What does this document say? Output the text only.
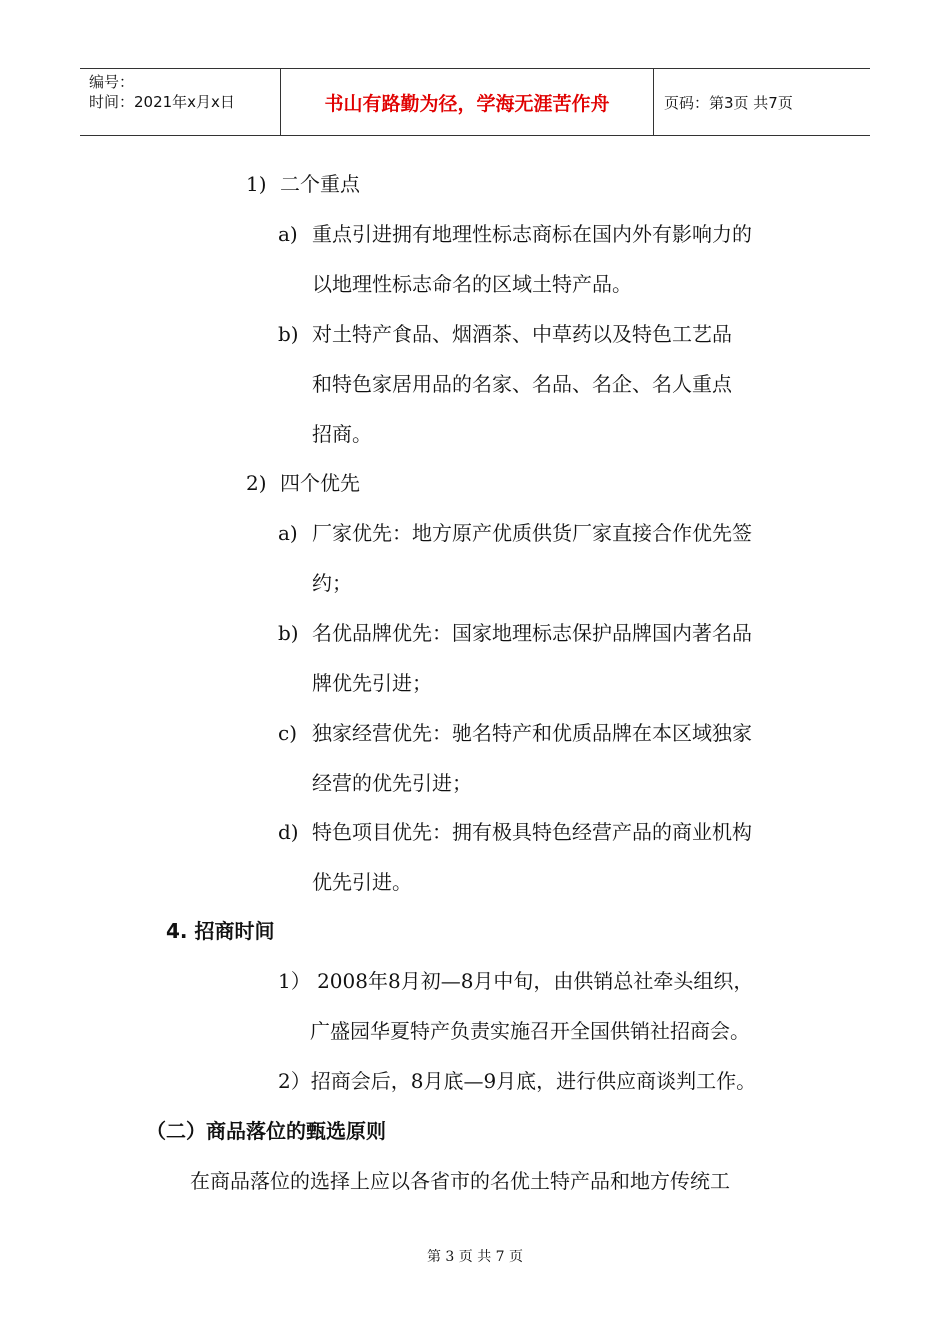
编号：
时间：2021年x月x日	书山有路勤为径，学海无涯苦作舟	页码：第3页 共7页
1) 二个重点
a) 重点引进拥有地理性标志商标在国内外有影响力的
以地理性标志命名的区域土特产品。
b) 对土特产食品、烟酒茶、中草药以及特色工艺品
和特色家居用品的名家、名品、名企、名人重点
招商。
2) 四个优先
a) 厂家优先：地方原产优质供货厂家直接合作优先签
约；
b) 名优品牌优先：国家地理标志保护品牌国内著名品
牌优先引进；
c) 独家经营优先：驰名特产和优质品牌在本区域独家
经营的优先引进；
d) 特色项目优先：拥有极具特色经营产品的商业机构
优先引进。
4. 招商时间
1） 2008年8月初—8月中旬，由供销总社牵头组织，
广盛园华夏特产负责实施召开全国供销社招商会。
2）招商会后，8月底—9月底，进行供应商谈判工作。
（二）商品落位的甄选原则
在商品落位的选择上应以各省市的名优土特产品和地方传统工
第 3 页 共 7 页
